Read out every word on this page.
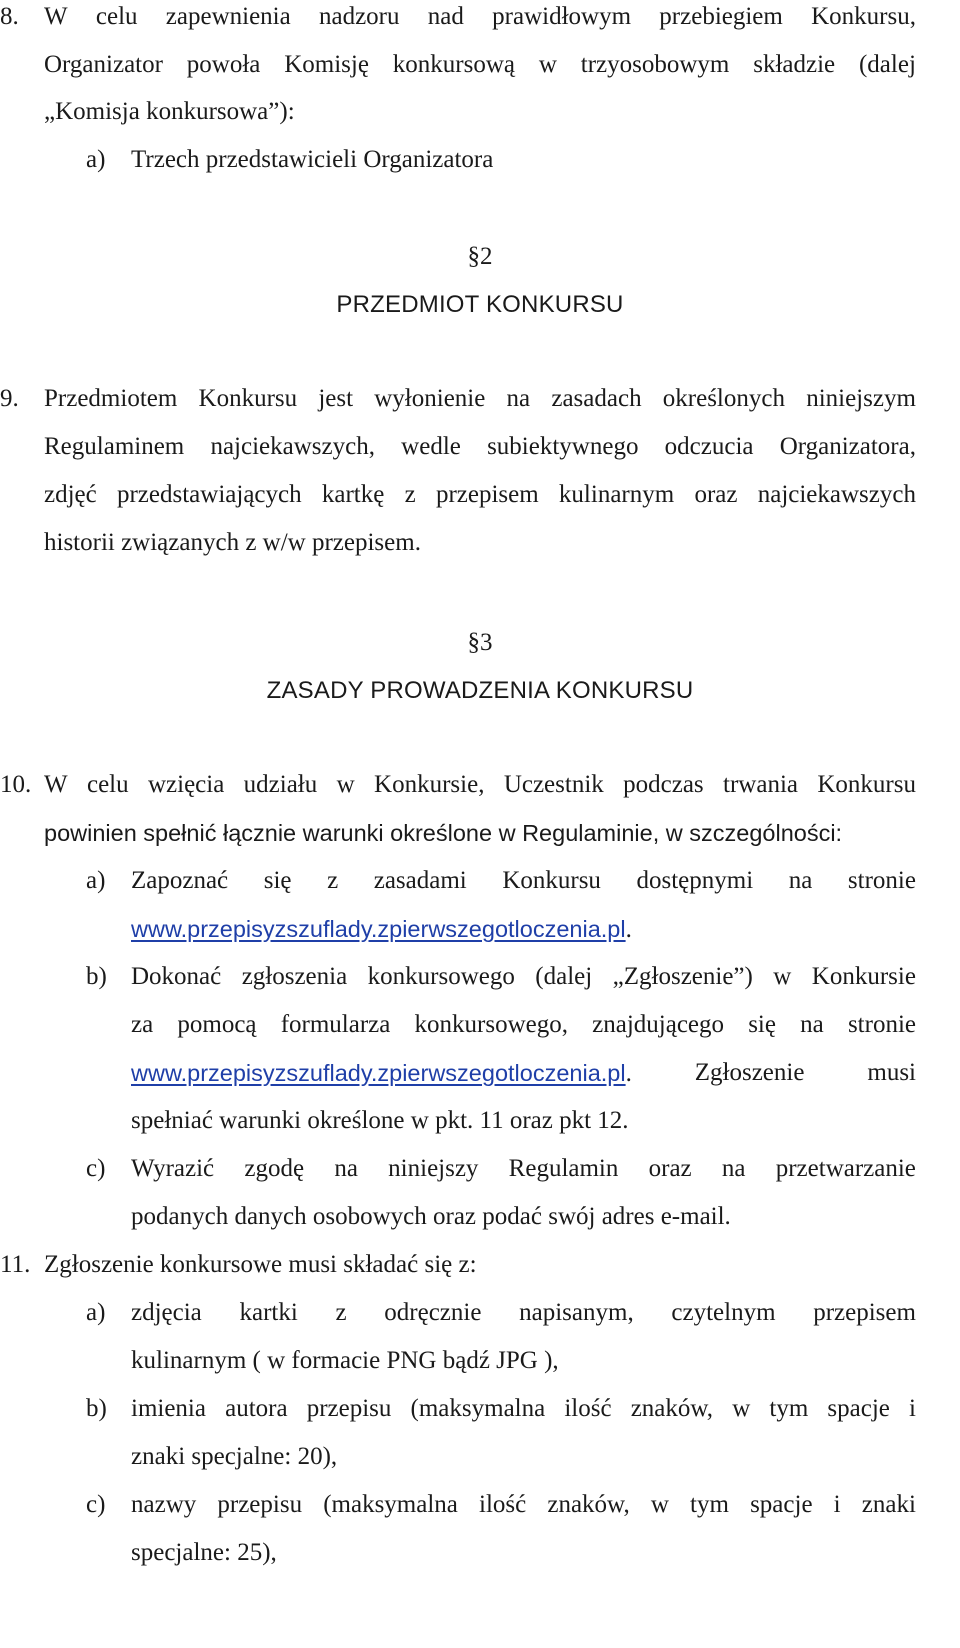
8. W celu zapewnienia nadzoru nad prawidłowym przebiegiem Konkursu,
Organizator powoła Komisję konkursową w trzyosobowym składzie (dalej
„Komisja konkursowa”):
a) Trzech przedstawicieli Organizatora
§2
PRZEDMIOT KONKURSU
9. Przedmiotem Konkursu jest wyłonienie na zasadach określonych niniejszym
Regulaminem najciekawszych, wedle subiektywnego odczucia Organizatora,
zdjęć przedstawiających kartkę z przepisem kulinarnym oraz najciekawszych
historii związanych z w/w przepisem.
§3
ZASADY PROWADZENIA KONKURSU
10. W celu wzięcia udziału w Konkursie, Uczestnik podczas trwania Konkursu
powinien spełnić łącznie warunki określone w Regulaminie, w szczególności:
a) Zapoznać się z zasadami Konkursu dostępnymi na stronie
www.przepisyzszuflady.zpierwszegotloczenia.pl.
b) Dokonać zgłoszenia konkursowego (dalej „Zgłoszenie”) w Konkursie
za pomocą formularza konkursowego, znajdującego się na stronie
www.przepisyzszuflady.zpierwszegotloczenia.pl.	Zgłoszenie	musi
spełniać warunki określone w pkt. 11 oraz pkt 12.
c) Wyrazić zgodę na niniejszy Regulamin oraz na przetwarzanie
podanych danych osobowych oraz podać swój adres e-mail.
11. Zgłoszenie konkursowe musi składać się z:
a) zdjęcia kartki z odręcznie napisanym, czytelnym przepisem
kulinarnym ( w formacie PNG bądź JPG ),
b) imienia autora przepisu (maksymalna ilość znaków, w tym spacje i
znaki specjalne: 20),
c) nazwy przepisu (maksymalna ilość znaków, w tym spacje i znaki
specjalne: 25),
